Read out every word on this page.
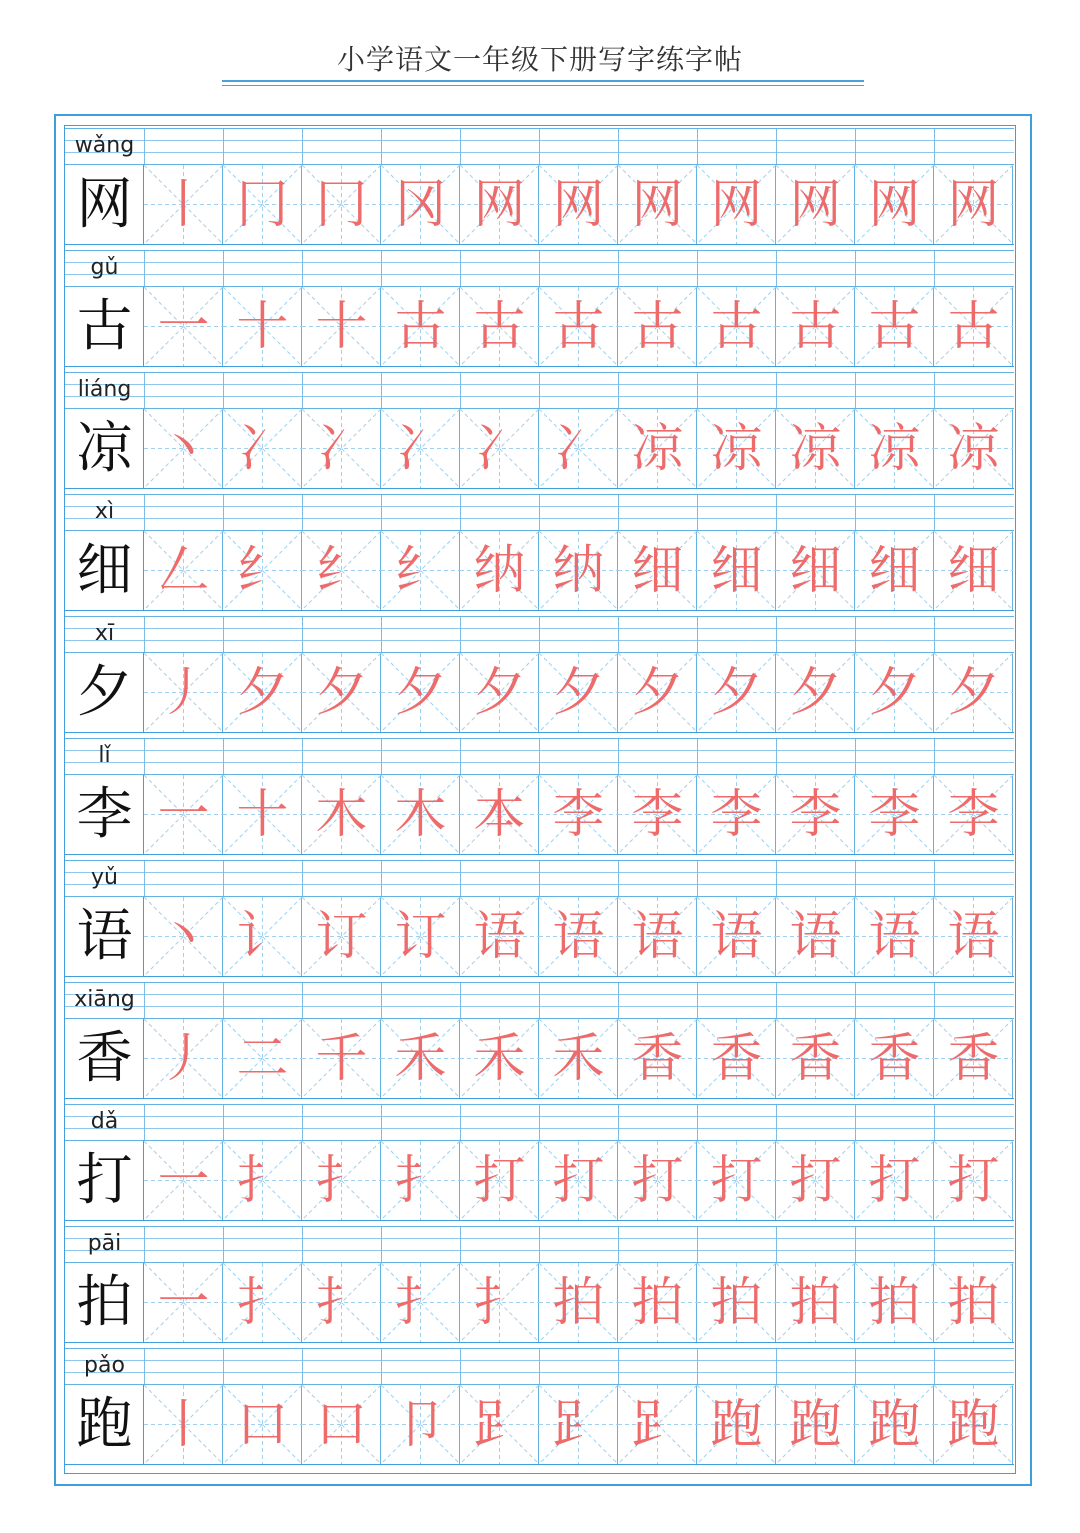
小学语文一年级下册写字练字帖
wǎng
网 丨 冂 冂 冈 网 网 网 网 网 网 网
gǔ
古 一 十 十 古 古 古 古 古 古 古 古
liáng
凉 丶 冫 冫 冫 冫 冫 凉 凉 凉 凉 凉
xì
细 𠃋 纟 纟 纟 纳 纳 细 细 细 细 细
xī
夕 丿 夕 夕 夕 夕 夕 夕 夕 夕 夕 夕
lǐ
李 一 十 木 木 本 李 李 李 李 李 李
yǔ
语 丶 讠 订 订 语 语 语 语 语 语 语
xiāng
香 丿 二 千 禾 禾 禾 香 香 香 香 香
dǎ
打 一 扌 扌 扌 打 打 打 打 打 打 打
pāi
拍 一 扌 扌 扌 扌 拍 拍 拍 拍 拍 拍
pǎo
跑 丨 口 口 卩 𧾷 𧾷 𧾷 跑 跑 跑 跑
